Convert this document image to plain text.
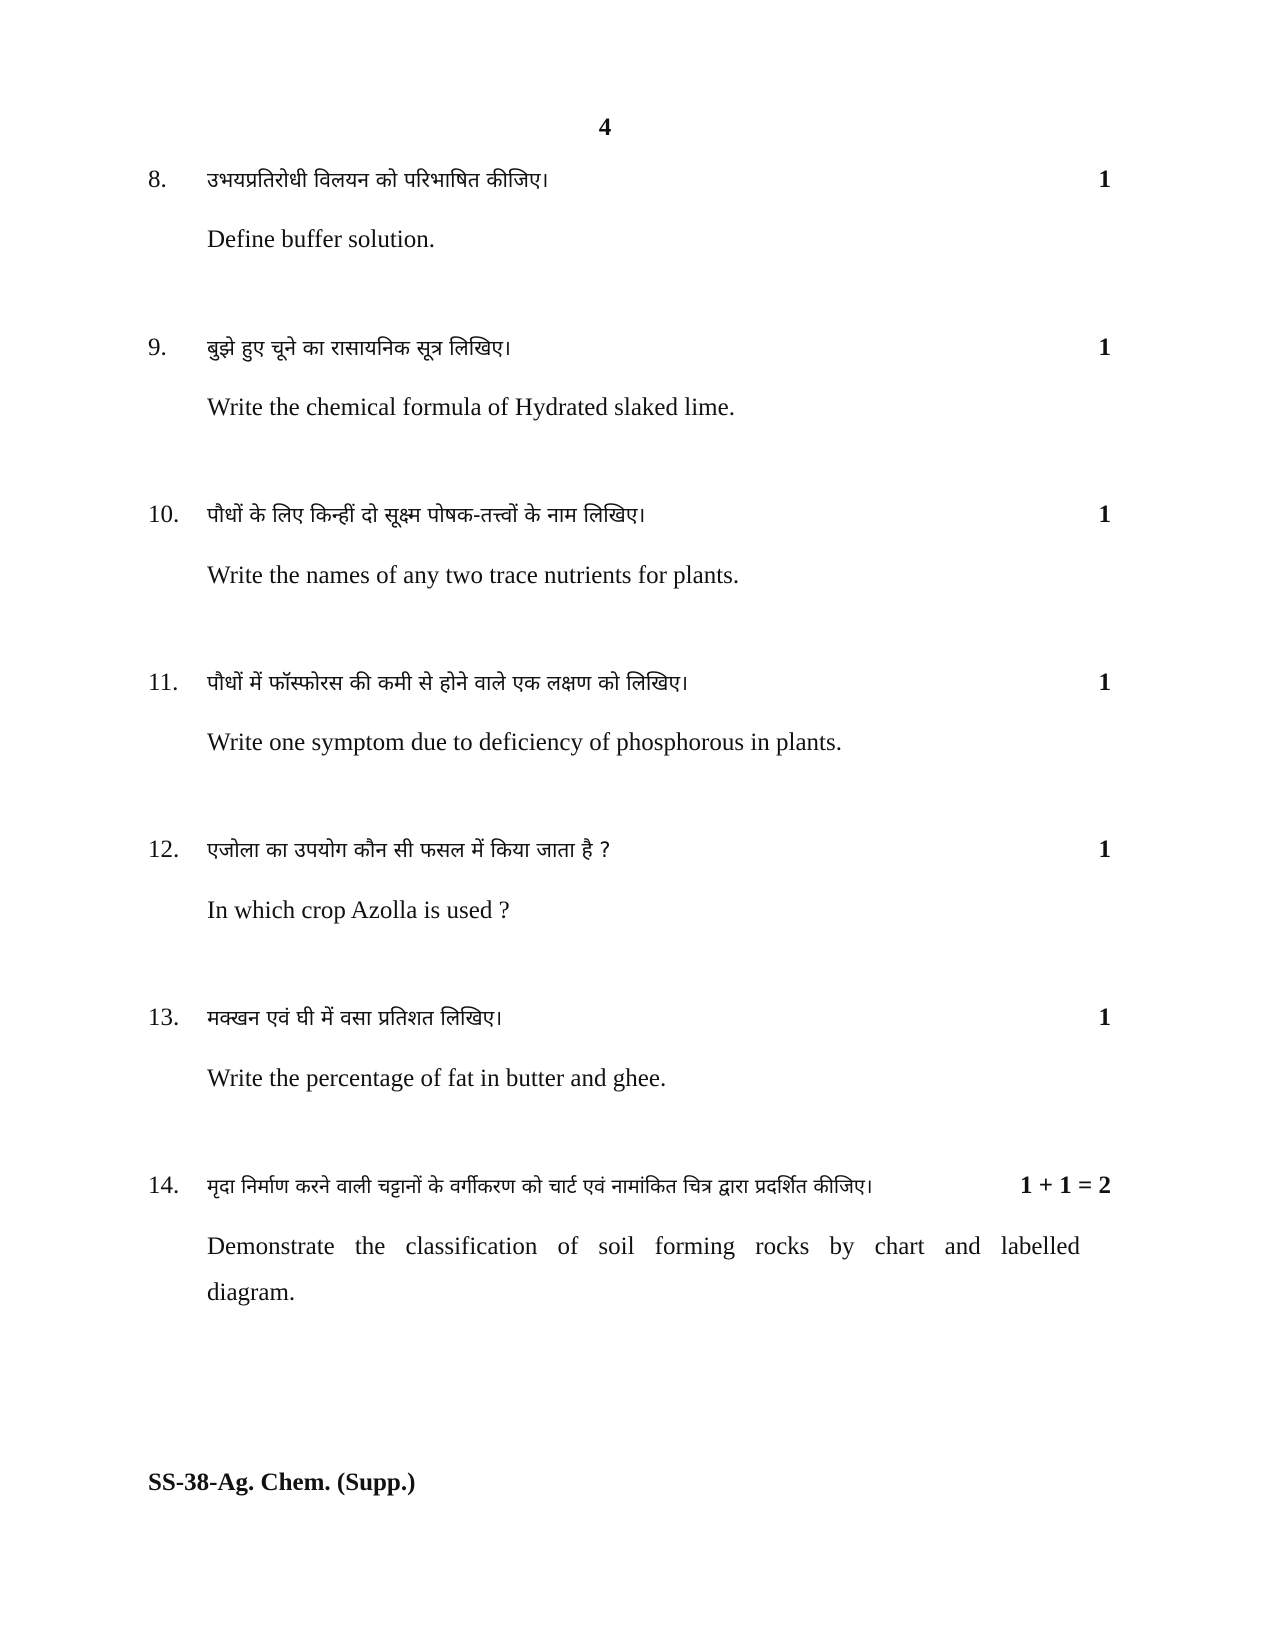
4
8. उभयप्रतिरोधी विलयन को परिभाषित कीजिए।	1
Define buffer solution.
9. बुझे हुए चूने का रासायनिक सूत्र लिखिए।	1
Write the chemical formula of Hydrated slaked lime.
10. पौधों के लिए किन्हीं दो सूक्ष्म पोषक-तत्त्वों के नाम लिखिए।	1
Write the names of any two trace nutrients for plants.
11. पौधों में फॉस्फोरस की कमी से होने वाले एक लक्षण को लिखिए।	1
Write one symptom due to deficiency of phosphorous in plants.
12. एजोला का उपयोग कौन सी फसल में किया जाता है ?	1
In which crop Azolla is used ?
13. मक्खन एवं घी में वसा प्रतिशत लिखिए।	1
Write the percentage of fat in butter and ghee.
14. मृदा निर्माण करने वाली चट्टानों के वर्गीकरण को चार्ट एवं नामांकित चित्र द्वारा प्रदर्शित कीजिए।	1 + 1 = 2
Demonstrate the classification of soil forming rocks by chart and labelled diagram.
SS-38-Ag. Chem. (Supp.)
